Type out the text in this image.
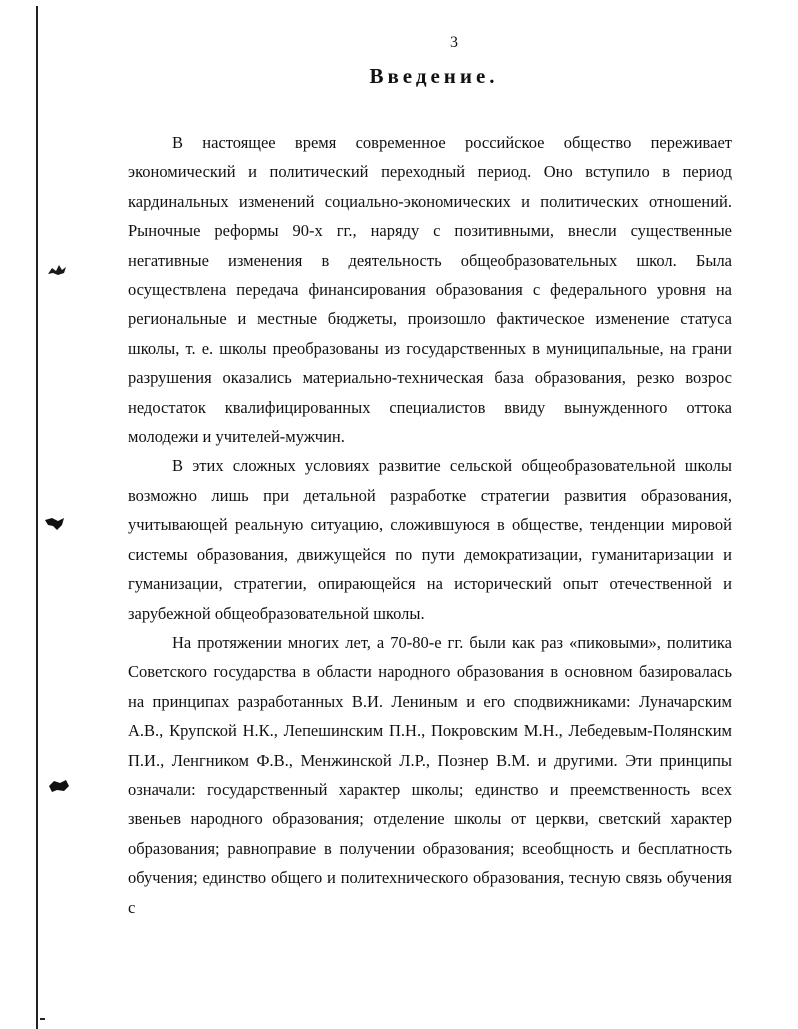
3
Введение.

В настоящее время современное российское общество переживает экономический и политический переходный период. Оно вступило в период кардинальных изменений социально-экономических и политических отношений. Рыночные реформы 90-х гг., наряду с позитивными, внесли существенные негативные изменения в деятельность общеобразовательных школ. Была осуществлена передача финансирования образования с федерального уровня на региональные и местные бюджеты, произошло фактическое изменение статуса школы, т. е. школы преобразованы из государственных в муниципальные, на грани разрушения оказались материально-техническая база образования, резко возрос недостаток квалифицированных специалистов ввиду вынужденного оттока молодежи и учителей-мужчин.

В этих сложных условиях развитие сельской общеобразовательной школы возможно лишь при детальной разработке стратегии развития образования, учитывающей реальную ситуацию, сложившуюся в обществе, тенденции мировой системы образования, движущейся по пути демократизации, гуманитаризации и гуманизации, стратегии, опирающейся на исторический опыт отечественной и зарубежной общеобразовательной школы.

На протяжении многих лет, а 70-80-е гг. были как раз «пиковыми», политика Советского государства в области народного образования в основном базировалась на принципах разработанных В.И. Лениным и его сподвижниками: Луначарским А.В., Крупской Н.К., Лепешинским П.Н., Покровским М.Н., Лебедевым-Полянским П.И., Ленгником Ф.В., Менжинской Л.Р., Познер В.М. и другими. Эти принципы означали: государственный характер школы; единство и преемственность всех звеньев народного образования; отделение школы от церкви, светский характер образования; равноправие в получении образования; всеобщность и бесплатность обучения; единство общего и политехнического образования, тесную связь обучения с
